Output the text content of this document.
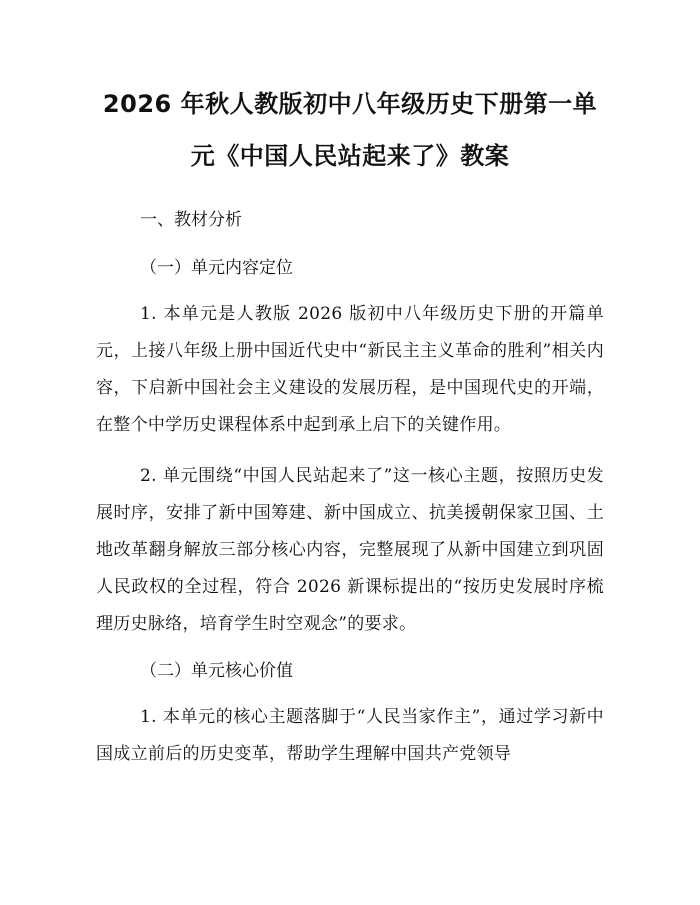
2026 年秋人教版初中八年级历史下册第一单
元《中国人民站起来了》教案

一、教材分析

（一）单元内容定位

1. 本单元是人教版 2026 版初中八年级历史下册的开篇单元，上接八年级上册中国近代史中“新民主主义革命的胜利”相关内容，下启新中国社会主义建设的发展历程，是中国现代史的开端，在整个中学历史课程体系中起到承上启下的关键作用。

2. 单元围绕“中国人民站起来了”这一核心主题，按照历史发展时序，安排了新中国筹建、新中国成立、抗美援朝保家卫国、土地改革翻身解放三部分核心内容，完整展现了从新中国建立到巩固人民政权的全过程，符合 2026 新课标提出的“按历史发展时序梳理历史脉络，培育学生时空观念”的要求。

（二）单元核心价值

1. 本单元的核心主题落脚于“人民当家作主”，通过学习新中国成立前后的历史变革，帮助学生理解中国共产党领导
